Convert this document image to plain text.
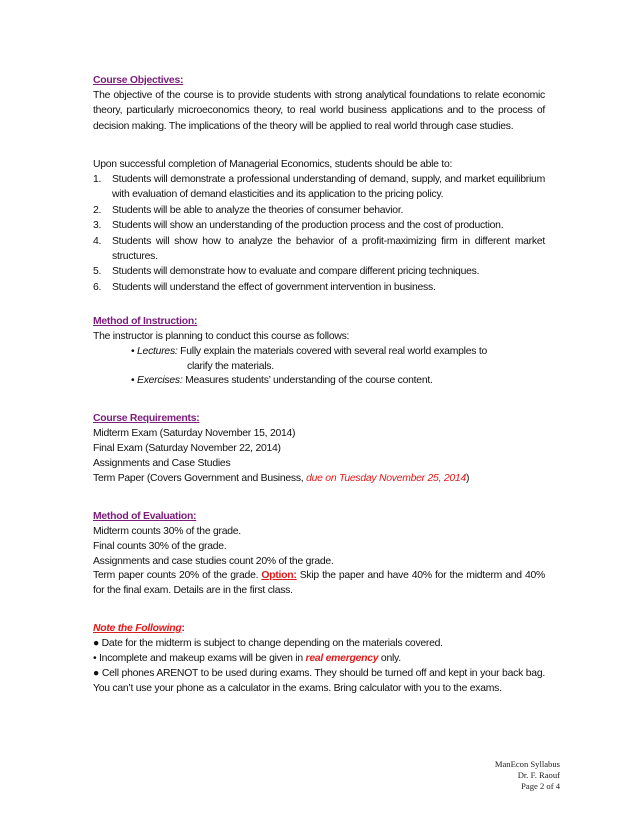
Course Objectives:
The objective of the course is to provide students with strong analytical foundations to relate economic theory, particularly microeconomics theory, to real world business applications and to the process of decision making. The implications of the theory will be applied to real world through case studies.
Upon successful completion of Managerial Economics, students should be able to:
1. Students will demonstrate a professional understanding of demand, supply, and market equilibrium with evaluation of demand elasticities and its application to the pricing policy.
2. Students will be able to analyze the theories of consumer behavior.
3. Students will show an understanding of the production process and the cost of production.
4. Students will show how to analyze the behavior of a profit-maximizing firm in different market structures.
5. Students will demonstrate how to evaluate and compare different pricing techniques.
6. Students will understand the effect of government intervention in business.
Method of Instruction:
The instructor is planning to conduct this course as follows:
• Lectures: Fully explain the materials covered with several real world examples to
clarify the materials.
• Exercises: Measures students’ understanding of the course content.
Course Requirements:
Midterm Exam (Saturday November 15, 2014)
Final Exam (Saturday November 22, 2014)
Assignments and Case Studies
Term Paper (Covers Government and Business, due on Tuesday November 25, 2014)
Method of Evaluation:
Midterm counts 30% of the grade.
Final counts 30% of the grade.
Assignments and case studies count 20% of the grade.
Term paper counts 20% of the grade. Option: Skip the paper and have 40% for the midterm and 40% for the final exam. Details are in the first class.
Note the Following:
● Date for the midterm is subject to change depending on the materials covered.
• Incomplete and makeup exams will be given in real emergency only.
● Cell phones ARENOT to be used during exams. They should be turned off and kept in your back bag. You can’t use your phone as a calculator in the exams. Bring calculator with you to the exams.
ManEcon Syllabus
Dr. F. Raouf
Page 2 of 4
